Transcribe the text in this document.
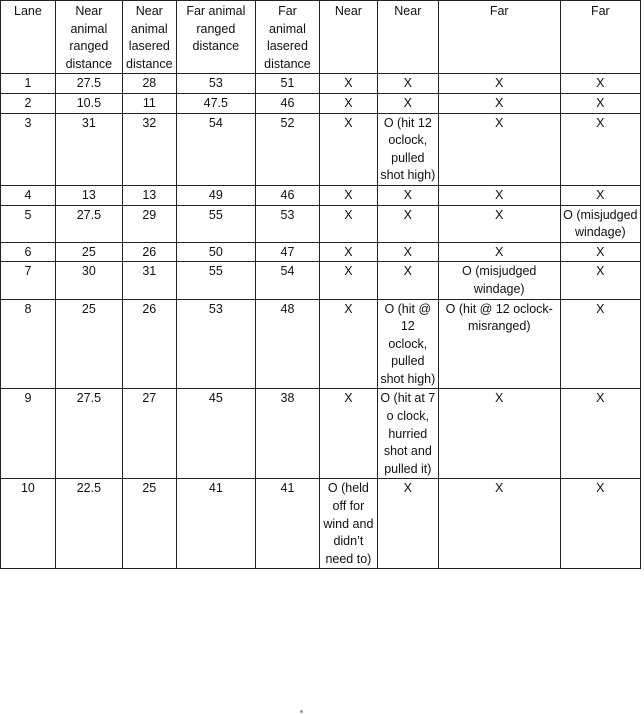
Lane	Near animal ranged distance	Near animal lasered distance	Far animal ranged distance	Far animal lasered distance	Near	Near	Far	Far
1	27.5	28	53	51	X	X	X	X
2	10.5	11	47.5	46	X	X	X	X
3	31	32	54	52	X	O (hit 12 oclock, pulled shot high)	X	X
4	13	13	49	46	X	X	X	X
5	27.5	29	55	53	X	X	X	O (misjudged windage)
6	25	26	50	47	X	X	X	X
7	30	31	55	54	X	X	O (misjudged windage)	X
8	25	26	53	48	X	O (hit @ 12 oclock, pulled shot high)	O (hit @ 12 oclock-misranged)	X
9	27.5	27	45	38	X	O (hit at 7 o clock, hurried shot and pulled it)	X	X
10	22.5	25	41	41	O (held off for wind and didn’t need to)	X	X	X
